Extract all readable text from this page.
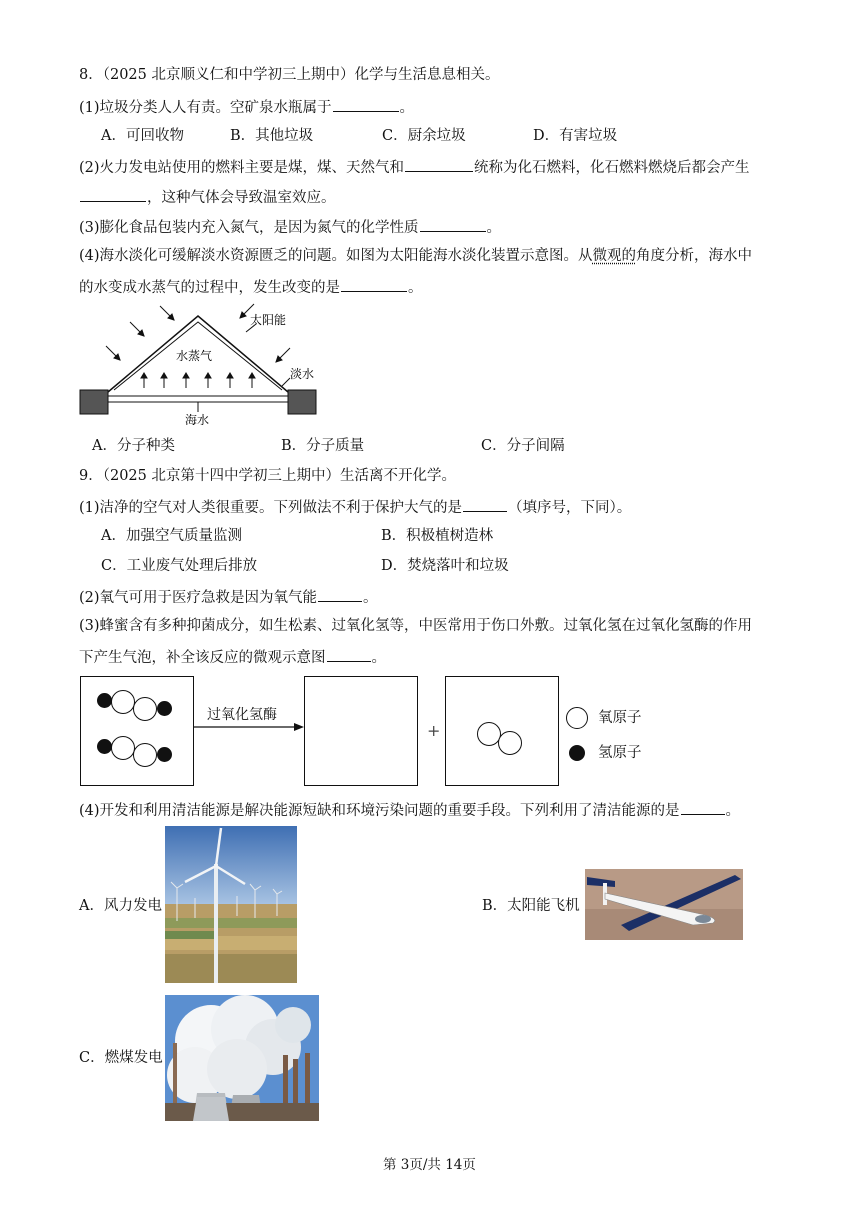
8．（2025 北京顺义仁和中学初三上期中）化学与生活息息相关。
(1)垃圾分类人人有责。空矿泉水瓶属于	。
A．可回收物	B．其他垃圾	C．厨余垃圾	D．有害垃圾
(2)火力发电站使用的燃料主要是煤，煤、天然气和	统称为化石燃料，化石燃料燃烧后都会产生
，这种气体会导致温室效应。
(3)膨化食品包装内充入氮气，是因为氮气的化学性质	。
(4)海水淡化可缓解淡水资源匮乏的问题。如图为太阳能海水淡化装置示意图。从微观的角度分析，海水中
的水变成水蒸气的过程中，发生改变的是	。
太阳能
水蒸气
淡水
海水
A．分子种类	B．分子质量	C．分子间隔
9．（2025 北京第十四中学初三上期中）生活离不开化学。
(1)洁净的空气对人类很重要。下列做法不利于保护大气的是	（填序号，下同）。
A．加强空气质量监测	B．积极植树造林
C．工业废气处理后排放	D．焚烧落叶和垃圾
(2)氧气可用于医疗急救是因为氧气能	。
(3)蜂蜜含有多种抑菌成分，如生松素、过氧化氢等，中医常用于伤口外敷。过氧化氢在过氧化氢酶的作用
下产生气泡，补全该反应的微观示意图	。
过氧化氢酶
+
氧原子
氢原子
(4)开发和利用清洁能源是解决能源短缺和环境污染问题的重要手段。下列利用了清洁能源的是	。
A．风力发电	B．太阳能飞机
C．燃煤发电
第 3页/共 14页
